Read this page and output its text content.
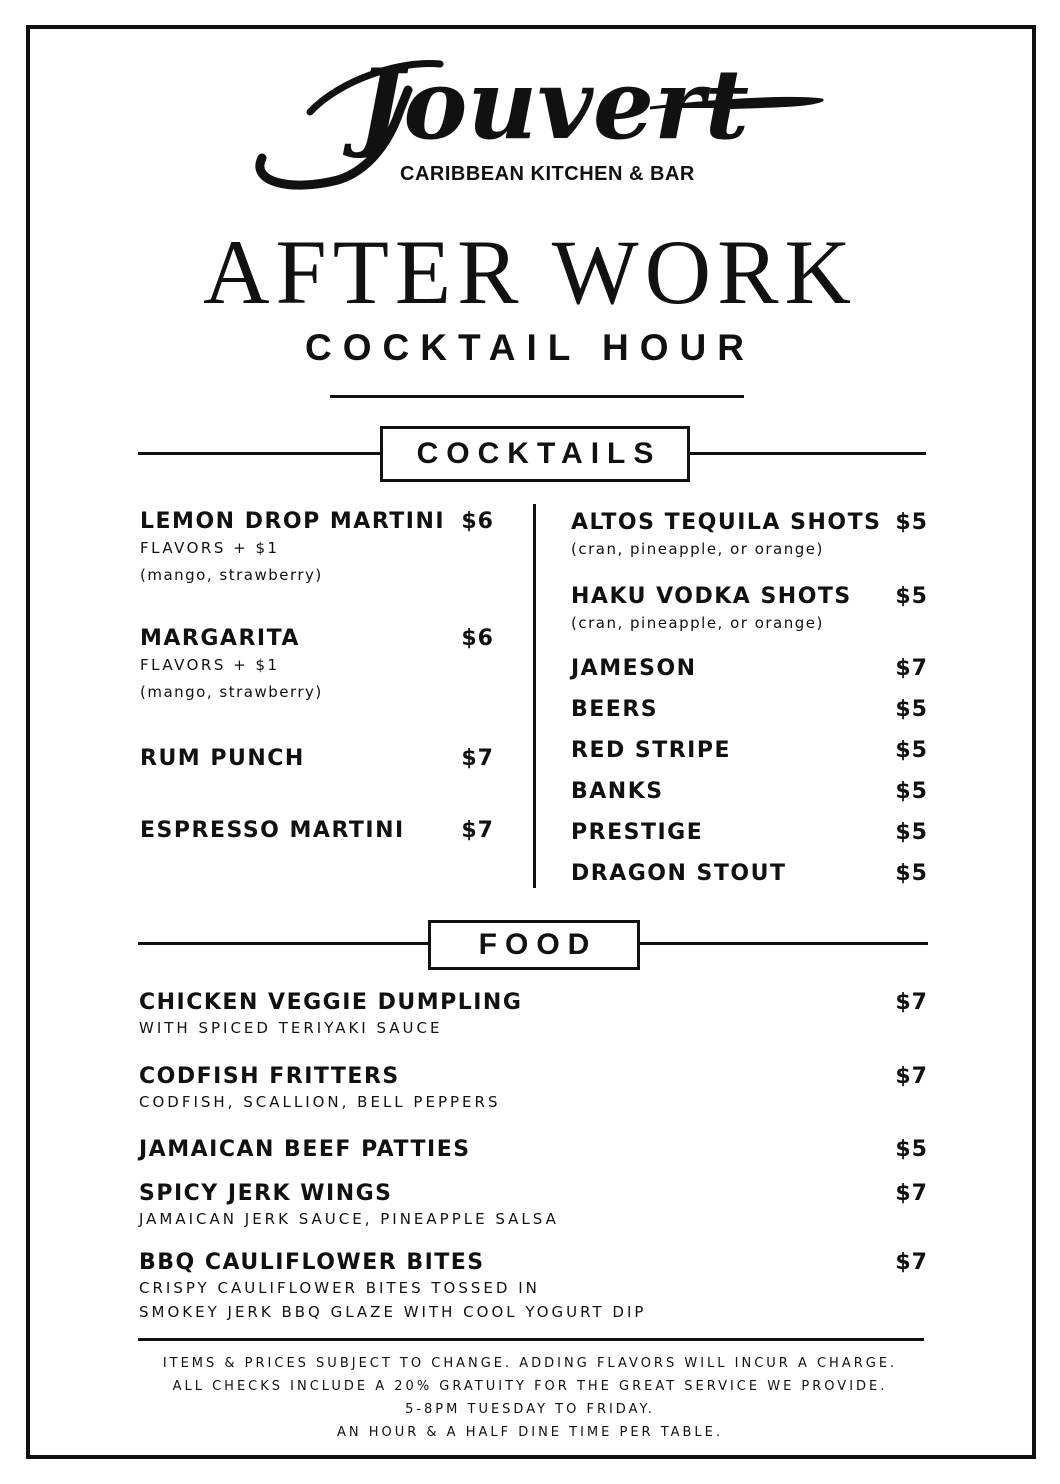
Jouvert
CARIBBEAN KITCHEN & BAR
AFTER WORK
COCKTAIL HOUR
COCKTAILS
LEMON DROP MARTINI
FLAVORS + $1
(mango, strawberry)
$6
MARGARITA
FLAVORS + $1
(mango, strawberry)
$6
RUM PUNCH	$7
ESPRESSO MARTINI	$7
ALTOS TEQUILA SHOTS
(cran, pineapple, or orange)
$5
HAKU VODKA SHOTS
(cran, pineapple, or orange)
$5
JAMESON	$7
BEERS	$5
RED STRIPE	$5
BANKS	$5
PRESTIGE	$5
DRAGON STOUT	$5
FOOD
CHICKEN VEGGIE DUMPLING
WITH SPICED TERIYAKI SAUCE
$7
CODFISH FRITTERS
CODFISH, SCALLION, BELL PEPPERS
$7
JAMAICAN BEEF PATTIES	$5
SPICY JERK WINGS
JAMAICAN JERK SAUCE, PINEAPPLE SALSA
$7
BBQ CAULIFLOWER BITES
CRISPY CAULIFLOWER BITES TOSSED IN
SMOKEY JERK BBQ GLAZE WITH COOL YOGURT DIP
$7
ITEMS & PRICES SUBJECT TO CHANGE. ADDING FLAVORS WILL INCUR A CHARGE.
ALL CHECKS INCLUDE A 20% GRATUITY FOR THE GREAT SERVICE WE PROVIDE.
5-8PM TUESDAY TO FRIDAY.
AN HOUR & A HALF DINE TIME PER TABLE.
